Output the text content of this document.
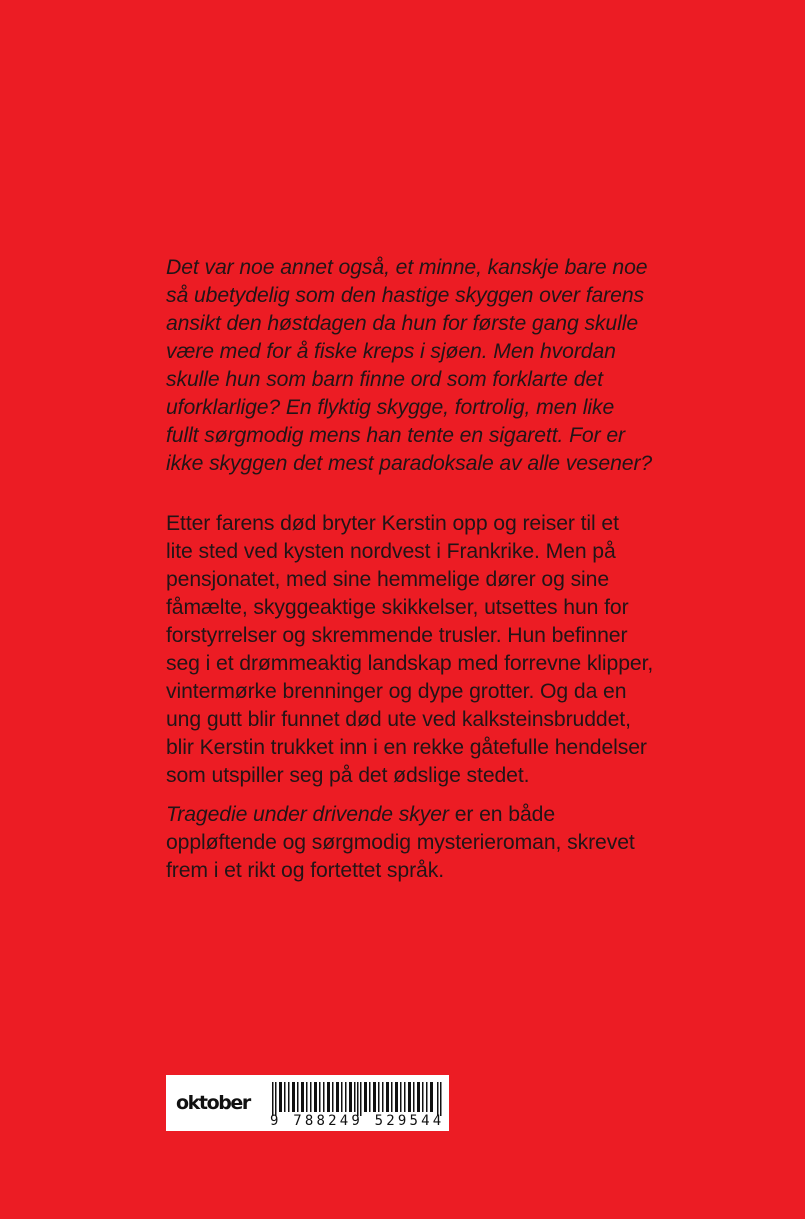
Det var noe annet også, et minne, kanskje bare noe
så ubetydelig som den hastige skyggen over farens
ansikt den høstdagen da hun for første gang skulle
være med for å fiske kreps i sjøen. Men hvordan
skulle hun som barn finne ord som forklarte det
uforklarlige? En flyktig skygge, fortrolig, men like
fullt sørgmodig mens han tente en sigarett. For er
ikke skyggen det mest paradoksale av alle vesener?
Etter farens død bryter Kerstin opp og reiser til et
lite sted ved kysten nordvest i Frankrike. Men på
pensjonatet, med sine hemmelige dører og sine
fåmælte, skyggeaktige skikkelser, utsettes hun for
forstyrrelser og skremmende trusler. Hun befinner
seg i et drømmeaktig landskap med forrevne klipper,
vintermørke brenninger og dype grotter. Og da en
ung gutt blir funnet død ute ved kalksteinsbruddet,
blir Kerstin trukket inn i en rekke gåtefulle hendelser
som utspiller seg på det ødslige stedet.
Tragedie under drivende skyer er en både
oppløftende og sørgmodig mysterieroman, skrevet
frem i et rikt og fortettet språk.
oktober
9 788249 529544
